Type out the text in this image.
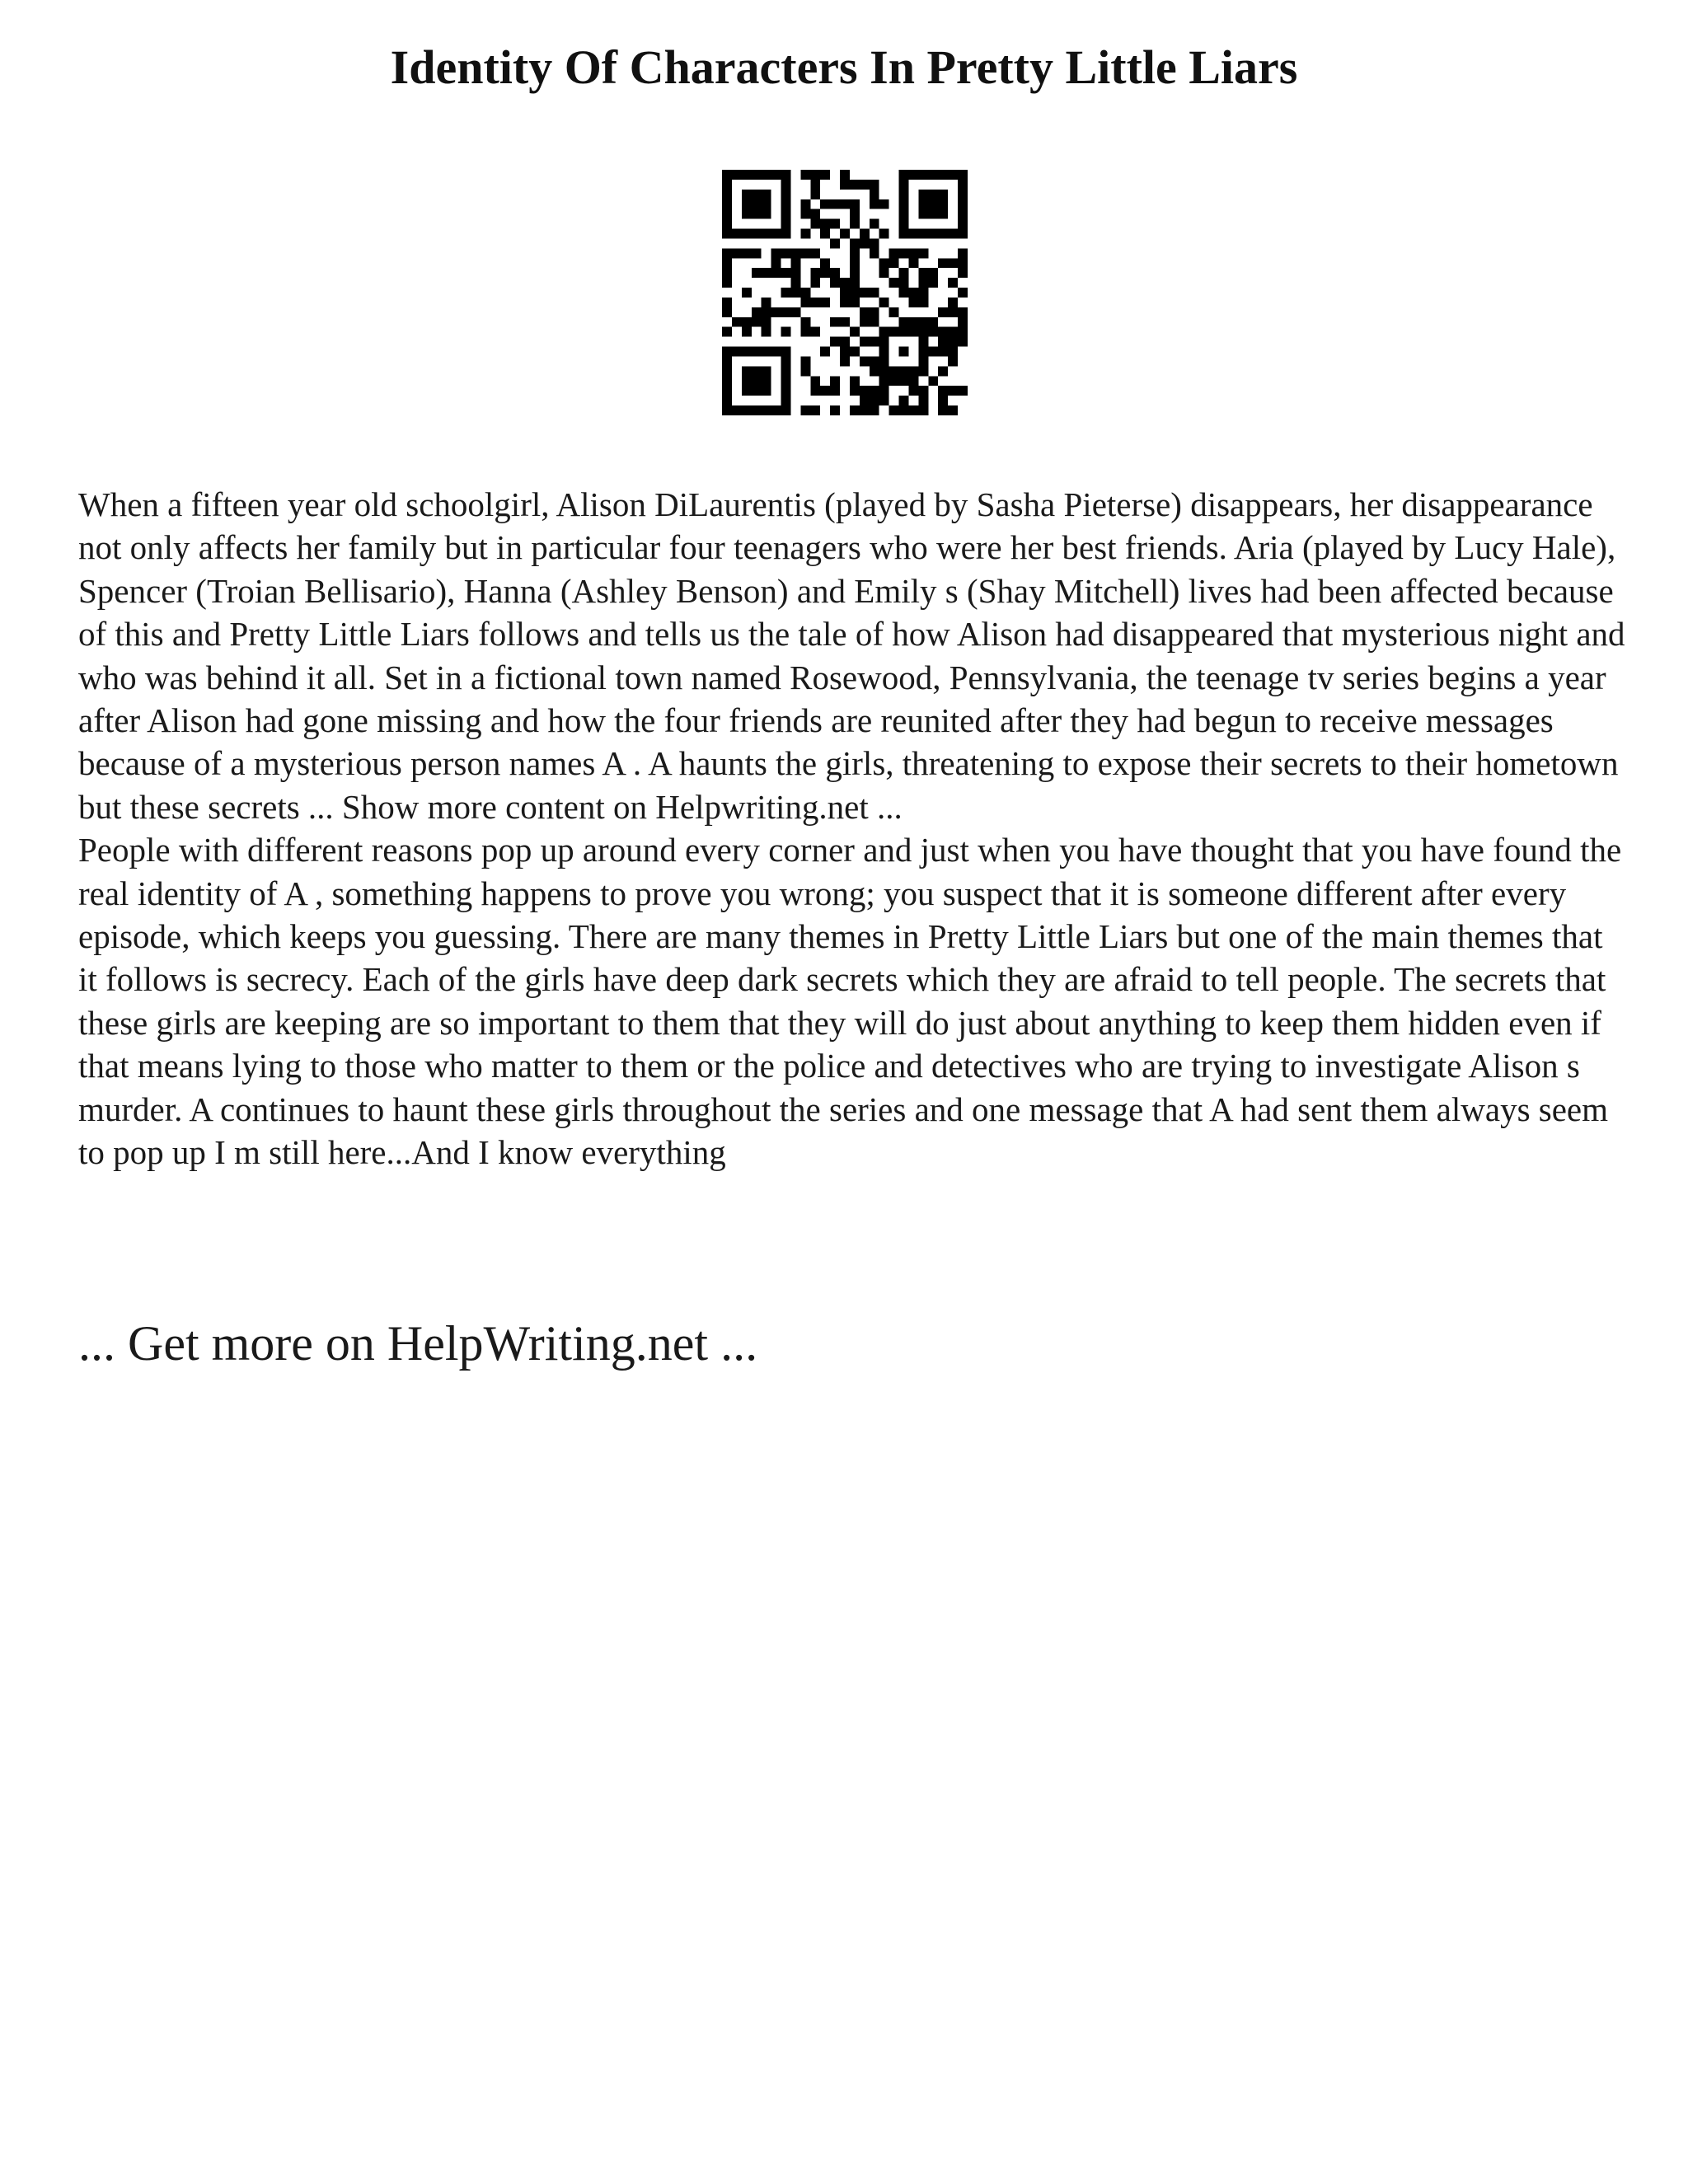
Identity Of Characters In Pretty Little Liars

When a fifteen year old schoolgirl, Alison DiLaurentis (played by Sasha Pieterse) disappears, her disappearance not only affects her family but in particular four teenagers who were her best friends. Aria (played by Lucy Hale), Spencer (Troian Bellisario), Hanna (Ashley Benson) and Emily s (Shay Mitchell) lives had been affected because of this and Pretty Little Liars follows and tells us the tale of how Alison had disappeared that mysterious night and who was behind it all. Set in a fictional town named Rosewood, Pennsylvania, the teenage tv series begins a year after Alison had gone missing and how the four friends are reunited after they had begun to receive messages because of a mysterious person names A . A haunts the girls, threatening to expose their secrets to their hometown but these secrets ... Show more content on Helpwriting.net ...

People with different reasons pop up around every corner and just when you have thought that you have found the real identity of A , something happens to prove you wrong; you suspect that it is someone different after every episode, which keeps you guessing. There are many themes in Pretty Little Liars but one of the main themes that it follows is secrecy. Each of the girls have deep dark secrets which they are afraid to tell people. The secrets that these girls are keeping are so important to them that they will do just about anything to keep them hidden even if that means lying to those who matter to them or the police and detectives who are trying to investigate Alison s murder. A continues to haunt these girls throughout the series and one message that A had sent them always seem to pop up I m still here...And I know everything

... Get more on HelpWriting.net ...
